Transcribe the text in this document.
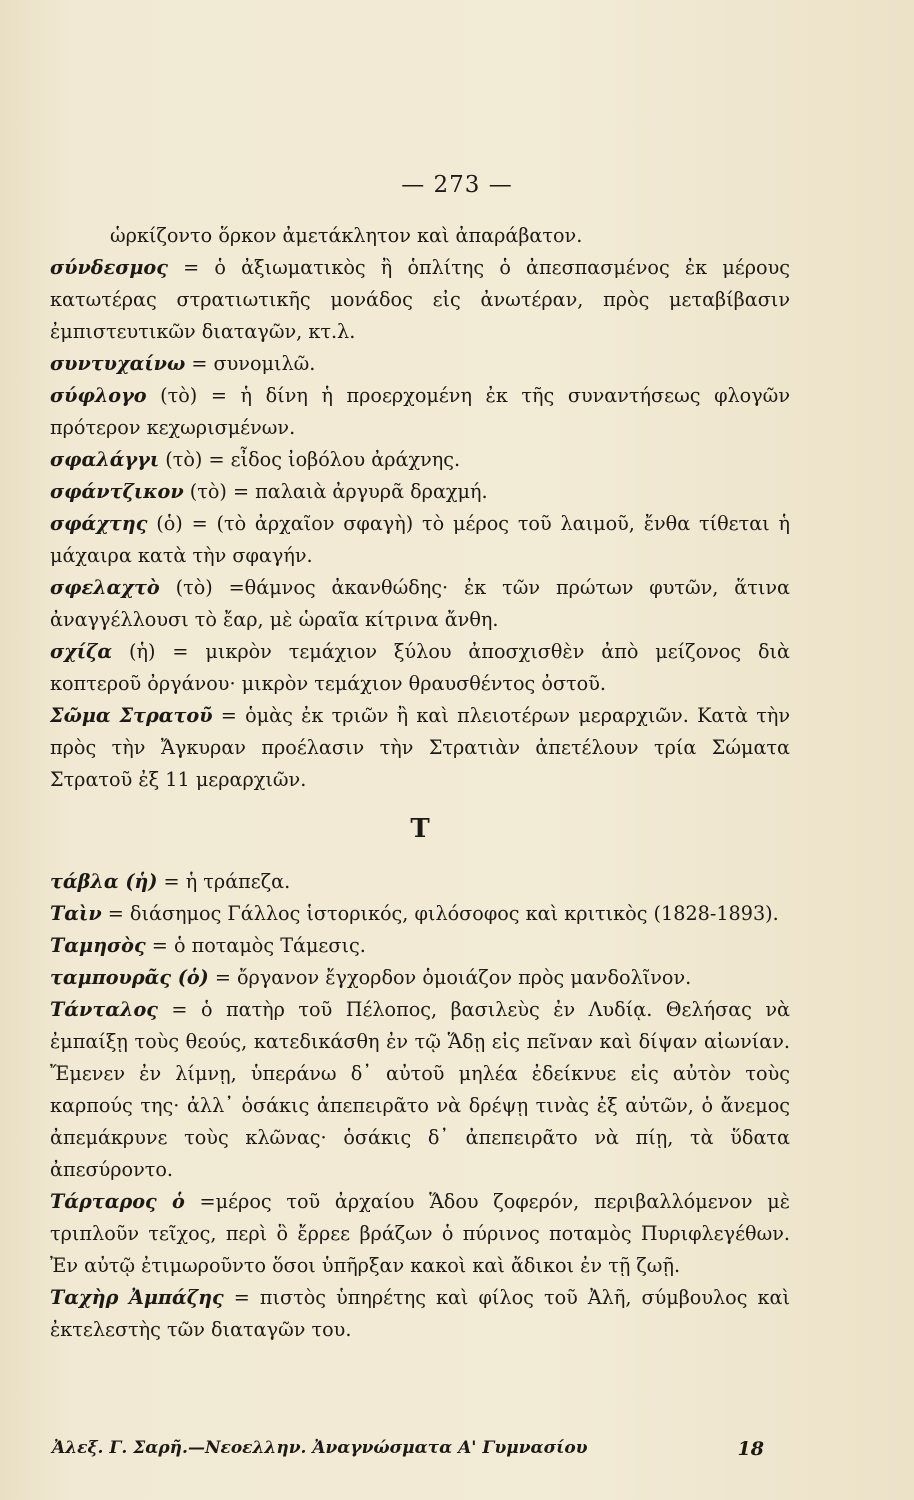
— 273 —

ὡρκίζοντο ὅρκον ἀμετάκλητον καὶ ἀπαράβατον.

σύνδεσμος = ὁ ἀξιωματικὸς ἢ ὁπλίτης ὁ ἀπεσπασμένος ἐκ μέρους κατωτέρας στρατιωτικῆς μονάδος εἰς ἀνωτέραν, πρὸς μεταβίβασιν ἐμπιστευτικῶν διαταγῶν, κτ.λ.

συντυχαίνω = συνομιλῶ.

σύφλογο (τὸ) = ἡ δίνη ἡ προερχομένη ἐκ τῆς συναντήσεως φλογῶν πρότερον κεχωρισμένων.

σφαλάγγι (τὸ) = εἶδος ἰοβόλου ἀράχνης.

σφάντζικον (τὸ) = παλαιὰ ἀργυρᾶ δραχμή.

σφάχτης (ὁ) = (τὸ ἀρχαῖον σφαγὴ) τὸ μέρος τοῦ λαιμοῦ, ἔνθα τίθεται ἡ μάχαιρα κατὰ τὴν σφαγήν.

σφελαχτὸ (τὸ) =θάμνος ἀκανθώδης· ἐκ τῶν πρώτων φυτῶν, ἅτινα ἀναγγέλλουσι τὸ ἔαρ, μὲ ὡραῖα κίτρινα ἄνθη.

σχίζα (ἡ) = μικρὸν τεμάχιον ξύλου ἀποσχισθὲν ἀπὸ μείζονος διὰ κοπτεροῦ ὀργάνου· μικρὸν τεμάχιον θραυσθέντος ὀστοῦ.

Σῶμα Στρατοῦ = ὁμὰς ἐκ τριῶν ἢ καὶ πλειοτέρων μεραρχιῶν. Κατὰ τὴν πρὸς τὴν Ἄγκυραν προέλασιν τὴν Στρατιὰν ἀπετέλουν τρία Σώματα Στρατοῦ ἐξ 11 μεραρχιῶν.

Τ

τάβλα (ἡ) = ἡ τράπεζα.

Ταὶν = διάσημος Γάλλος ἱστορικός, φιλόσοφος καὶ κριτικὸς (1828-1893).

Ταμησὸς = ὁ ποταμὸς Τάμεσις.

ταμπουρᾶς (ὁ) = ὄργανον ἔγχορδον ὁμοιάζον πρὸς μανδολῖνον.

Τάνταλος = ὁ πατὴρ τοῦ Πέλοπος, βασιλεὺς ἐν Λυδίᾳ. Θελήσας νὰ ἐμπαίξῃ τοὺς θεούς, κατεδικάσθη ἐν τῷ Ἅδῃ εἰς πεῖναν καὶ δίψαν αἰωνίαν. Ἔμενεν ἐν λίμνῃ, ὑπεράνω δ᾽ αὐτοῦ μηλέα ἐδείκνυε εἰς αὐτὸν τοὺς καρπούς της· ἀλλ᾽ ὁσάκις ἀπεπειρᾶτο νὰ δρέψῃ τινὰς ἐξ αὐτῶν, ὁ ἄνεμος ἀπεμάκρυνε τοὺς κλῶνας· ὁσάκις δ᾽ ἀπεπειρᾶτο νὰ πίῃ, τὰ ὕδατα ἀπεσύροντο.

Τάρταρος ὁ =μέρος τοῦ ἀρχαίου Ἅδου ζοφερόν, περιβαλλόμενον μὲ τριπλοῦν τεῖχος, περὶ ὃ ἔρρεε βράζων ὁ πύρινος ποταμὸς Πυριφλεγέθων. Ἐν αὐτῷ ἐτιμωροῦντο ὅσοι ὑπῆρξαν κακοὶ καὶ ἄδικοι ἐν τῇ ζωῇ.

Ταχὴρ Ἀμπάζης = πιστὸς ὑπηρέτης καὶ φίλος τοῦ Ἀλῆ, σύμβουλος καὶ ἐκτελεστὴς τῶν διαταγῶν του.

Ἀλεξ. Γ. Σαρῆ.—Νεοελλην. Ἀναγνώσματα Α' Γυμνασίου	18
